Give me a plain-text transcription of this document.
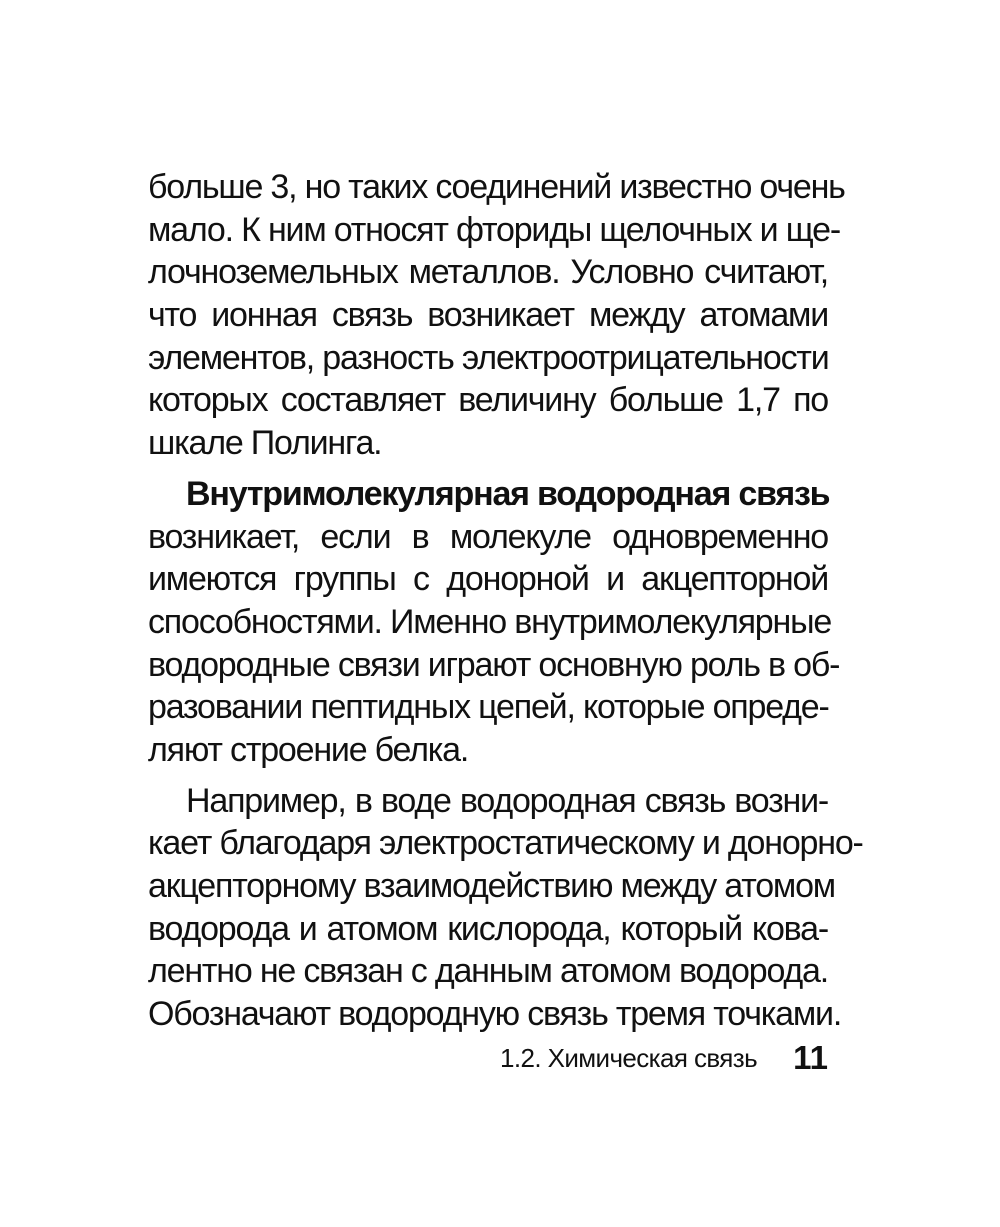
больше 3, но таких соединений известно очень
мало. К ним относят фториды щелочных и ще-
лочноземельных металлов. Условно считают,
что ионная связь возникает между атомами
элементов, разность электроотрицательности
которых составляет величину больше 1,7 по
шкале Полинга.
Внутримолекулярная водородная связь
возникает, если в молекуле одновременно
имеются группы с донорной и акцепторной
способностями. Именно внутримолекулярные
водородные связи играют основную роль в об-
разовании пептидных цепей, которые опреде-
ляют строение белка.
Например, в воде водородная связь возни-
кает благодаря электростатическому и донорно-
акцепторному взаимодействию между атомом
водорода и атомом кислорода, который кова-
лентно не связан с данным атомом водорода.
Обозначают водородную связь тремя точками.
1.2. Химическая связь 11
